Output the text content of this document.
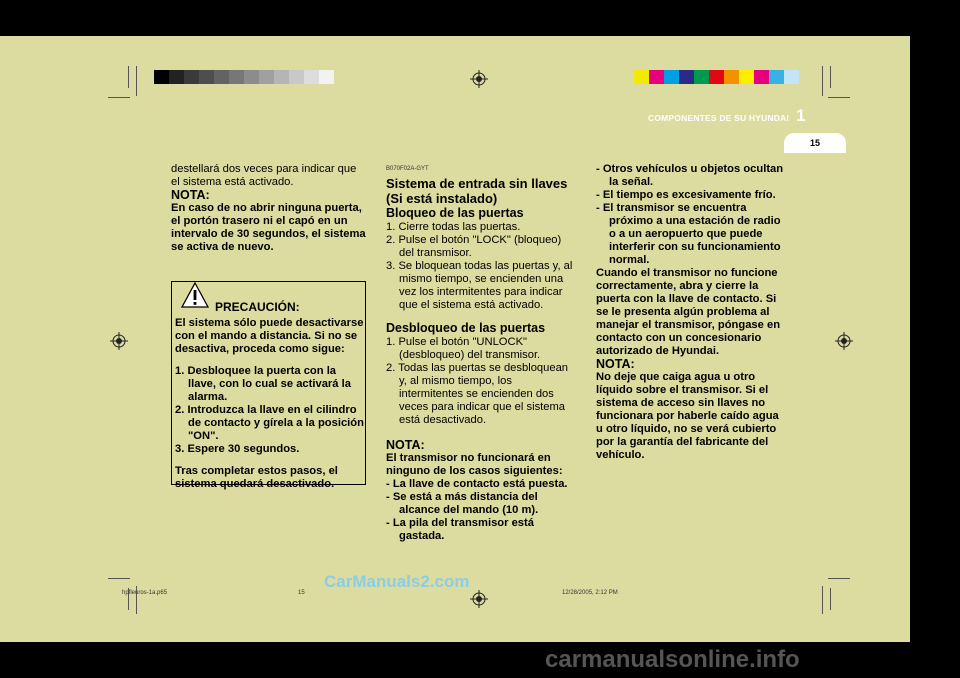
COMPONENTES DE SU HYUNDAI 1
15

destellará dos veces para indicar que el sistema está activado.

NOTA:

En caso de no abrir ninguna puerta, el portón trasero ni el capó en un intervalo de 30 segundos, el sistema se activa de nuevo.

PRECAUCIÓN:

El sistema sólo puede desactivarse con el mando a distancia. Si no se desactiva, proceda como sigue:

1. Desbloquee la puerta con la llave, con lo cual se activará la alarma.

2. Introduzca la llave en el cilindro de contacto y gírela a la posición "ON".

3. Espere 30 segundos.

Tras completar estos pasos, el sistema quedará desactivado.

B070F02A-GYT

Sistema de entrada sin llaves (Si está instalado)

Bloqueo de las puertas

1. Cierre todas las puertas.

2. Pulse el botón "LOCK" (bloqueo) del transmisor.

3. Se bloquean todas las puertas y, al mismo tiempo, se encienden una vez los intermitentes para indicar que el sistema está activado.

Desbloqueo de las puertas

1. Pulse el botón "UNLOCK" (desbloqueo) del transmisor.

2. Todas las puertas se desbloquean y, al mismo tiempo, los intermitentes se encienden dos veces para indicar que el sistema está desactivado.

NOTA:

El transmisor no funcionará en ninguno de los casos siguientes:

- La llave de contacto está puesta.

- Se está a más distancia del alcance del mando (10 m).

- La pila del transmisor está gastada.

- Otros vehículos u objetos ocultan la señal.

- El tiempo es excesivamente frío.

- El transmisor se encuentra próximo a una estación de radio o a un aeropuerto que puede interferir con su funcionamiento normal.

Cuando el transmisor no funcione correctamente, abra y cierre la puerta con la llave de contacto. Si se le presenta algún problema al manejar el transmisor, póngase en contacto con un concesionario autorizado de Hyundai.

NOTA:

No deje que caiga agua u otro líquido sobre el transmisor. Si el sistema de acceso sin llaves no funcionara por haberle caído agua u otro líquido, no se verá cubierto por la garantía del fabricante del vehículo.

hpfleuros-1a.p65	15	12/28/2005, 2:12 PM
CarManuals2.com
carmanualsonline.info
